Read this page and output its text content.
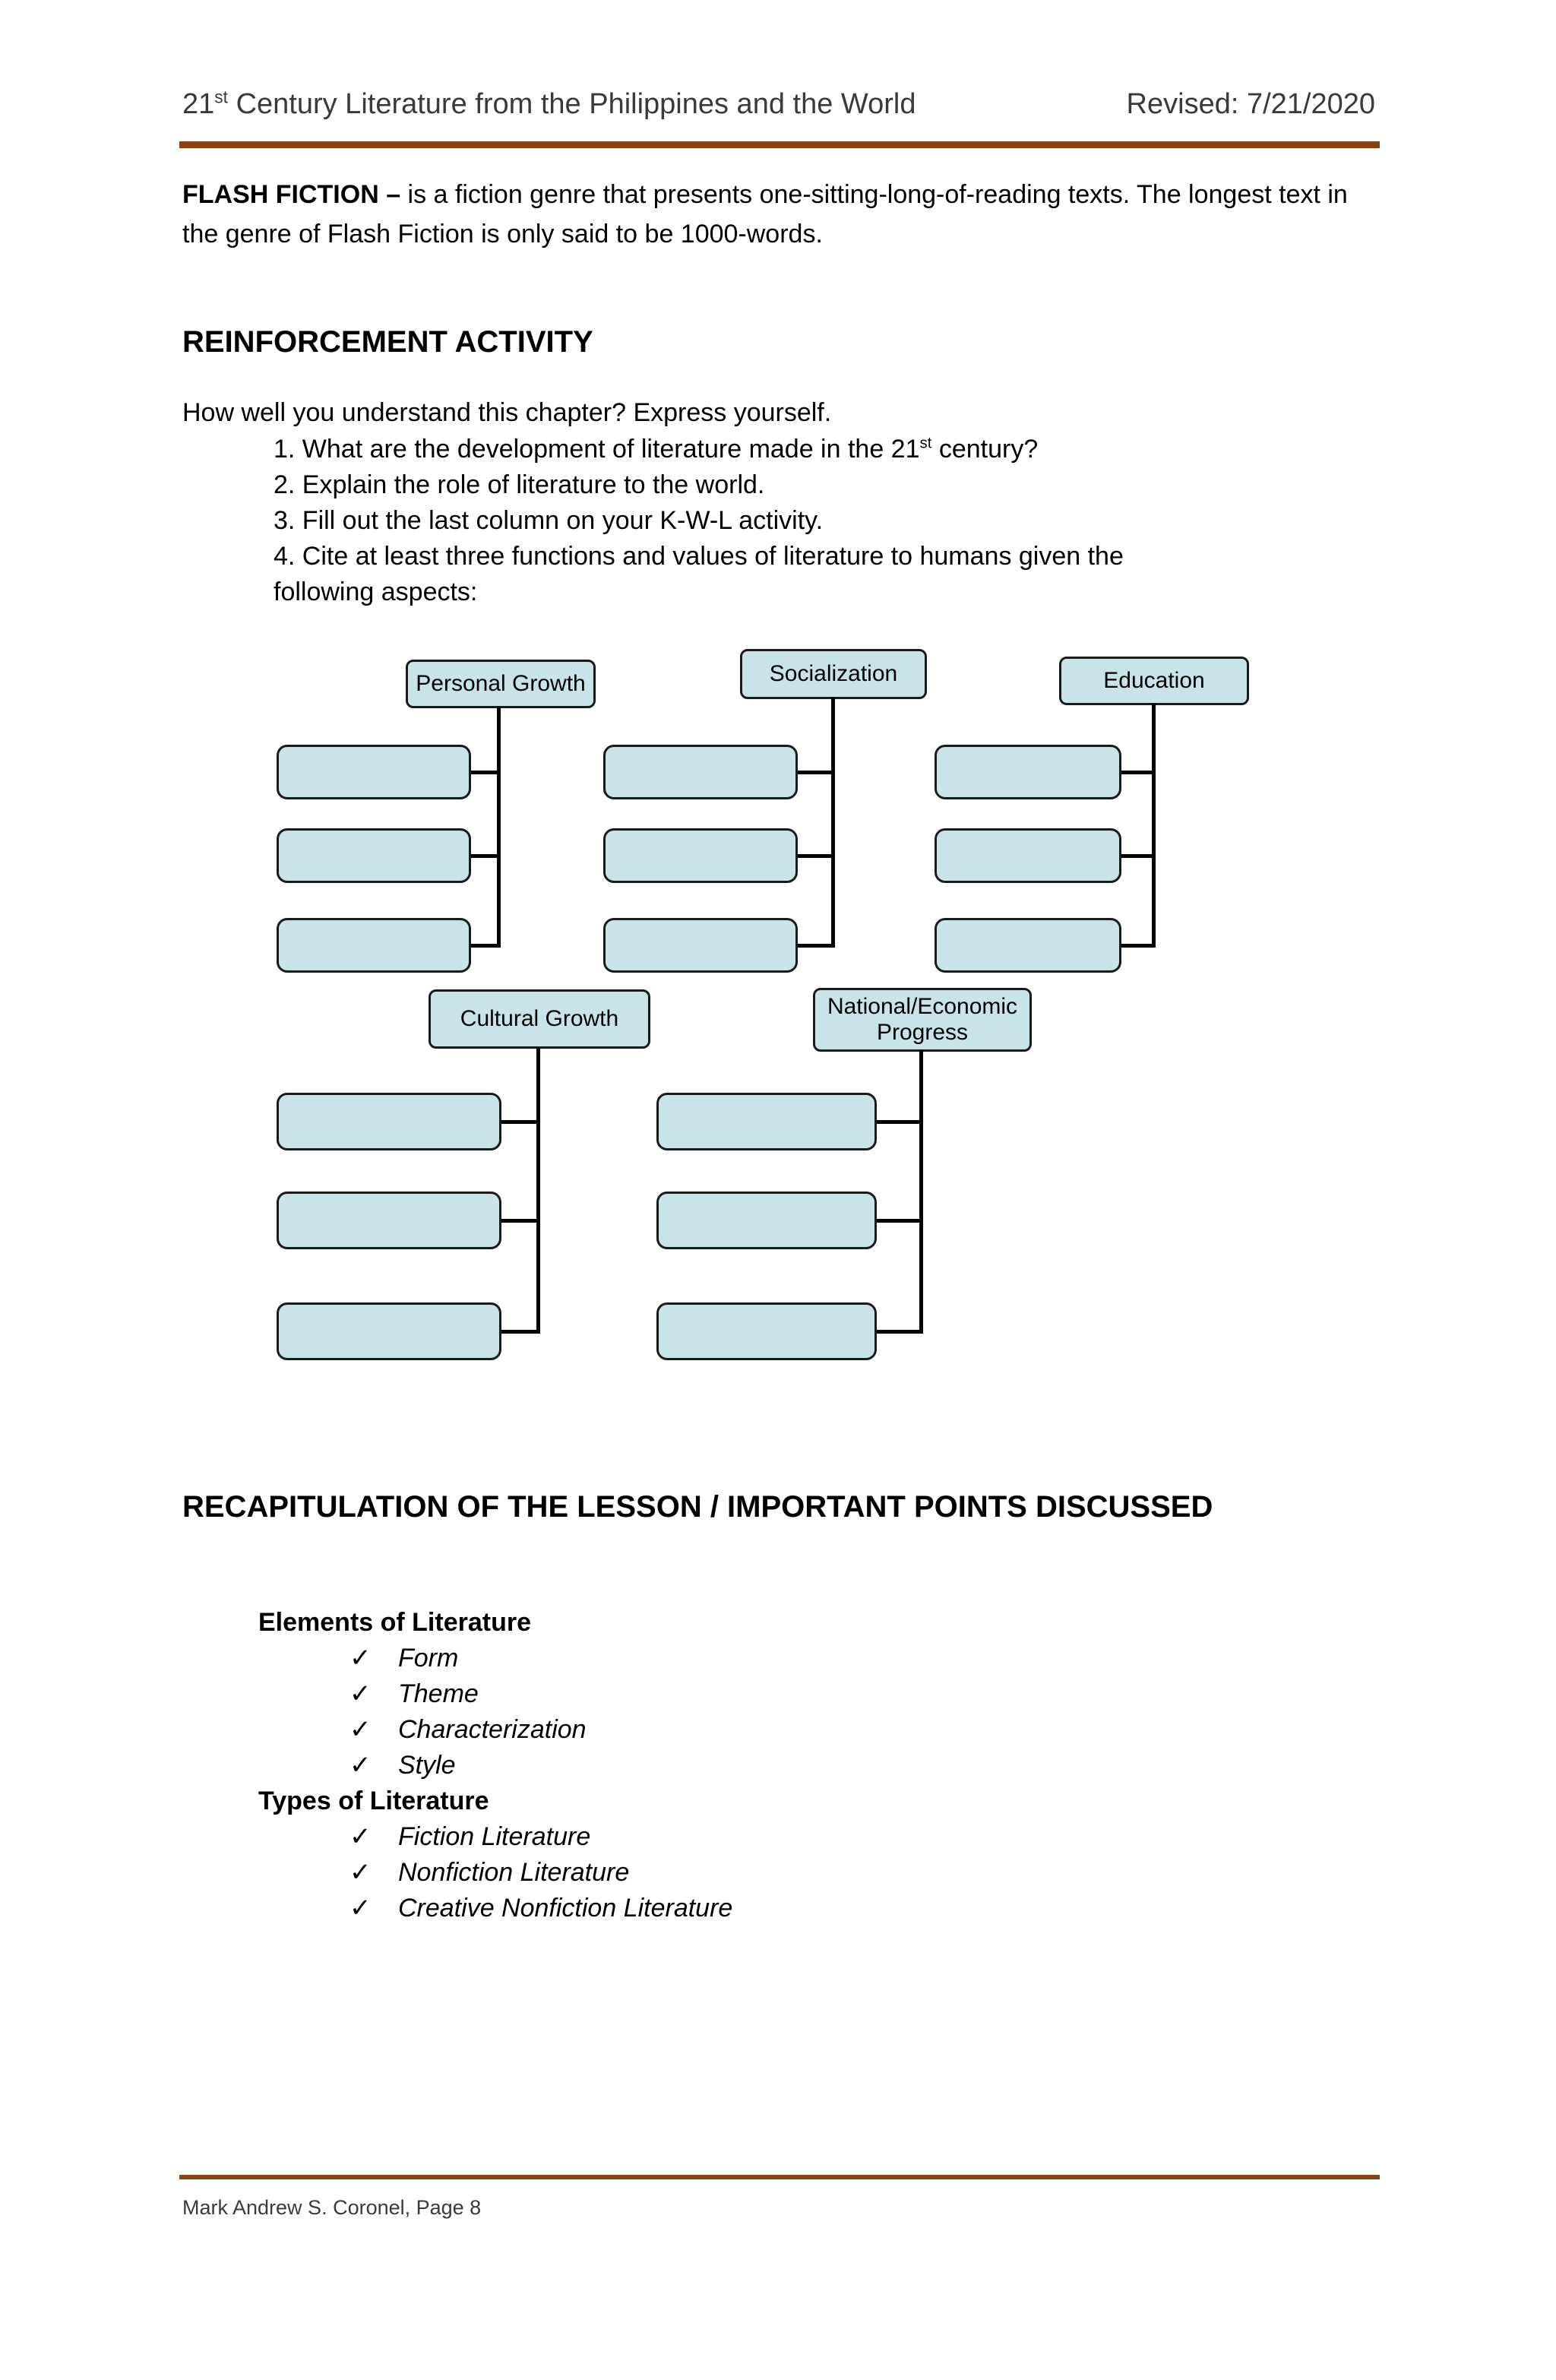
21st Century Literature from the Philippines and the World	Revised: 7/21/2020

FLASH FICTION – is a fiction genre that presents one-sitting-long-of-reading texts. The longest text in the genre of Flash Fiction is only said to be 1000-words.

REINFORCEMENT ACTIVITY
How well you understand this chapter? Express yourself.
1. What are the development of literature made in the 21st century?
2. Explain the role of literature to the world.
3. Fill out the last column on your K-W-L activity.
4. Cite at least three functions and values of literature to humans given the
following aspects:
Personal Growth	Socialization	Education
Cultural Growth	National/Economic Progress
RECAPITULATION OF THE LESSON / IMPORTANT POINTS DISCUSSED
Elements of Literature
✓ Form
✓ Theme
✓ Characterization
✓ Style
Types of Literature
✓ Fiction Literature
✓ Nonfiction Literature
✓ Creative Nonfiction Literature
Mark Andrew S. Coronel, Page 8
